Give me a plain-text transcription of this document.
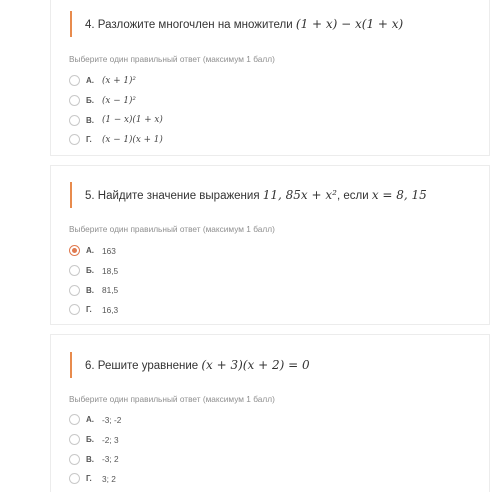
4. Разложите многочлен на множители (1 + x) − x(1 + x)
Выберите один правильный ответ (максимум 1 балл)
А. (x + 1)²
Б. (x − 1)²
В. (1 − x)(1 + x)
Г.	(x − 1)(x + 1)
5. Найдите значение выражения 11, 85x + x², если x = 8, 15
Выберите один правильный ответ (максимум 1 балл)
А. 163
Б. 18,5
В. 81,5
Г.	16,3
6. Решите уравнение (x + 3)(x + 2) = 0
Выберите один правильный ответ (максимум 1 балл)
А. -3; -2
Б. -2; 3
В. -3; 2
Г.	3; 2
